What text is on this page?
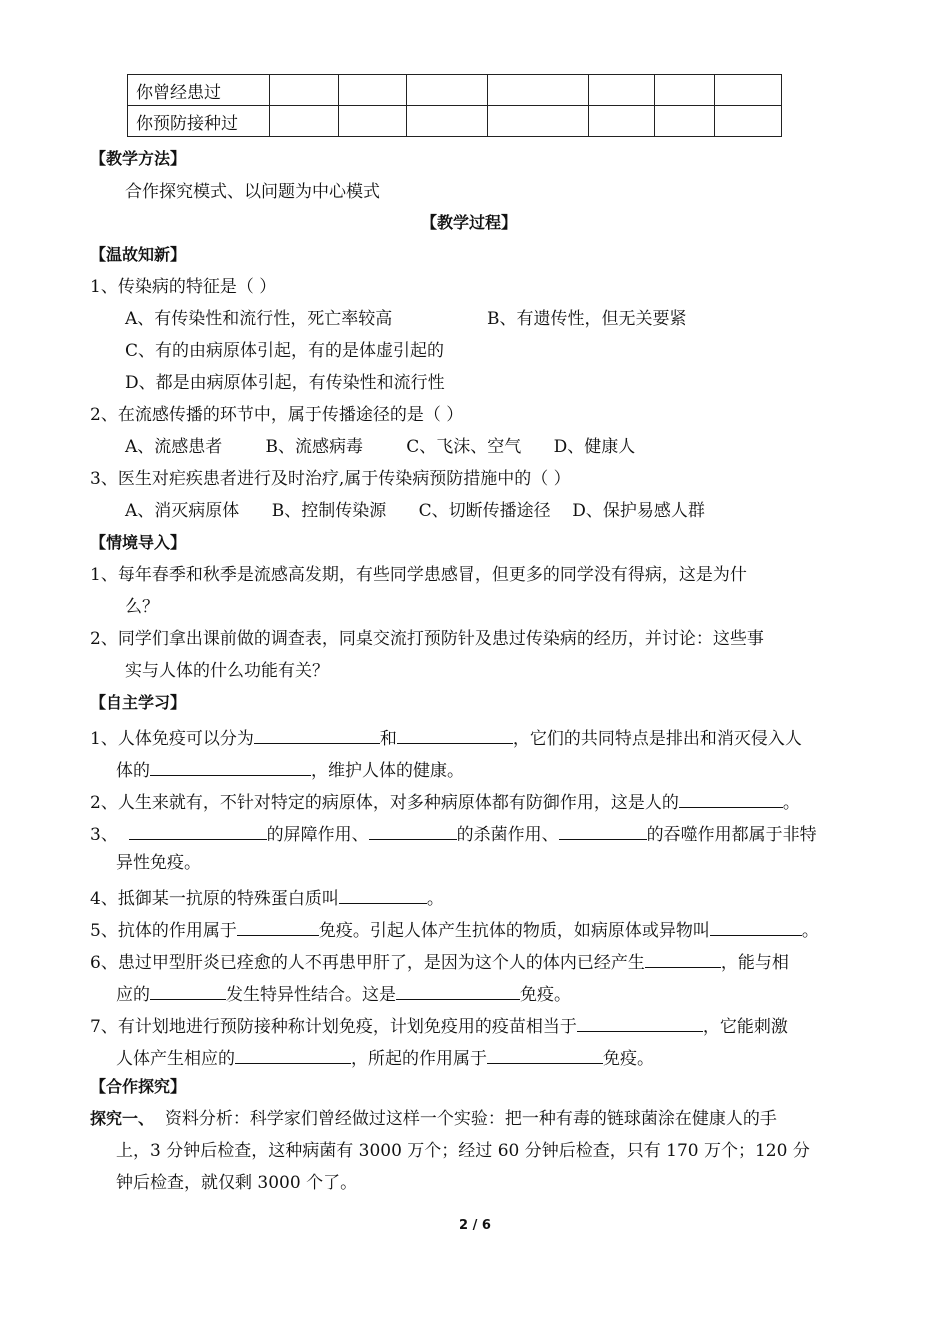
你曾经患过							
你预防接种过							
【教学方法】
合作探究模式、以问题为中心模式
【教学过程】
【温故知新】
1、传染病的特征是（ ）
A、有传染性和流行性，死亡率较高	B、有遗传性，但无关要紧
C、有的由病原体引起，有的是体虚引起的
D、都是由病原体引起，有传染性和流行性
2、在流感传播的环节中，属于传播途径的是（ ）
A、流感患者        B、流感病毒        C、飞沫、空气      D、健康人
3、医生对疟疾患者进行及时治疗,属于传染病预防措施中的（ ）
A、消灭病原体      B、控制传染源      C、切断传播途径    D、保护易感人群
【情境导入】
1、每年春季和秋季是流感高发期，有些同学患感冒，但更多的同学没有得病，这是为什
么？
2、同学们拿出课前做的调查表，同桌交流打预防针及患过传染病的经历，并讨论：这些事
实与人体的什么功能有关？
【自主学习】
1、人体免疫可以分为	和	，它们的共同特点是排出和消灭侵入人
体的	，维护人体的健康。
2、人生来就有，不针对特定的病原体，对多种病原体都有防御作用，这是人的	。
3、	的屏障作用、	的杀菌作用、	的吞噬作用都属于非特
异性免疫。
4、抵御某一抗原的特殊蛋白质叫	。
5、抗体的作用属于	免疫。引起人体产生抗体的物质，如病原体或异物叫	。
6、患过甲型肝炎已痊愈的人不再患甲肝了，是因为这个人的体内已经产生	，能与相
应的	发生特异性结合。这是	免疫。
7、有计划地进行预防接种称计划免疫，计划免疫用的疫苗相当于	，它能刺激
人体产生相应的	，所起的作用属于	免疫。
【合作探究】
探究一、 资料分析：科学家们曾经做过这样一个实验：把一种有毒的链球菌涂在健康人的手
上，3 分钟后检查，这种病菌有 3000 万个；经过 60 分钟后检查，只有 170 万个；120 分
钟后检查，就仅剩 3000 个了。
2 / 6
